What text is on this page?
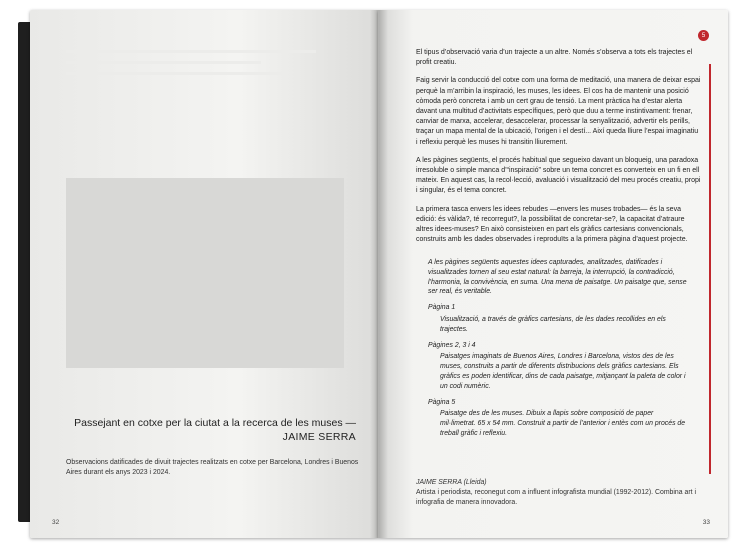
Passejant en cotxe per la ciutat a la recerca de les muses —
JAIME SERRA
Observacions datificades de divuit trajectes realitzats en cotxe per Barcelona, Londres i Buenos Aires durant els anys 2023 i 2024.
32
5

El tipus d’observació varia d’un trajecte a un altre. Només s’observa a tots els trajectes el profit creatiu.

Faig servir la conducció del cotxe com una forma de meditació, una manera de deixar espai perquè la m’arribin la inspiració, les muses, les idees. El cos ha de mantenir una posició còmoda però concreta i amb un cert grau de tensió. La ment pràctica ha d’estar alerta davant una multitud d’activitats específiques, però que duu a terme instintivament: frenar, canviar de marxa, accelerar, desaccelerar, processar la senyalització, advertir els perills, traçar un mapa mental de la ubicació, l’origen i el destí... Així queda lliure l’espai imaginatiu i reflexiu perquè les muses hi transitin lliurement.

A les pàgines següents, el procés habitual que segueixo davant un bloqueig, una paradoxa irresoluble o simple manca d’“inspiració” sobre un tema concret es converteix en un fi en ell mateix. En aquest cas, la recol·lecció, avaluació i visualització del meu procés creatiu, propi i singular, és el tema concret.

La primera tasca envers les idees rebudes —envers les muses trobades— és la seva edició: és vàlida?, té recorregut?, la possibilitat de concretar-se?, la capacitat d’atraure altres idees-muses? En això consisteixen en part els gràfics cartesians convencionals, construits amb les dades observades i reproduïts a la primera pàgina d’aquest projecte.

A les pàgines següents aquestes idees capturades, analitzades, datificades i visualitzades tornen al seu estat natural: la barreja, la interrupció, la contradicció, l’harmonia, la convivència, en suma. Una mena de paisatge. Un paisatge que, sense ser real, és veritable.

Pàgina 1

Visualització, a través de gràfics cartesians, de les dades recollides en els trajectes.

Pàgines 2, 3 i 4

Paisatges imaginats de Buenos Aires, Londres i Barcelona, vistos des de les muses, construits a partir de diferents distribucions dels gràfics cartesians. Els gràfics es poden identificar, dins de cada paisatge, mitjançant la paleta de color i un codi numèric.

Pàgina 5

Paisatge des de les muses. Dibuix a llapis sobre composició de paper mil·limetrat. 65 x 54 mm. Construit a partir de l’anterior i entès com un procés de treball gràfic i reflexiu.

JAIME SERRA (Lleida)
Artista i periodista, reconegut com a influent infografista mundial (1992-2012). Combina art i infografia de manera innovadora.
33
